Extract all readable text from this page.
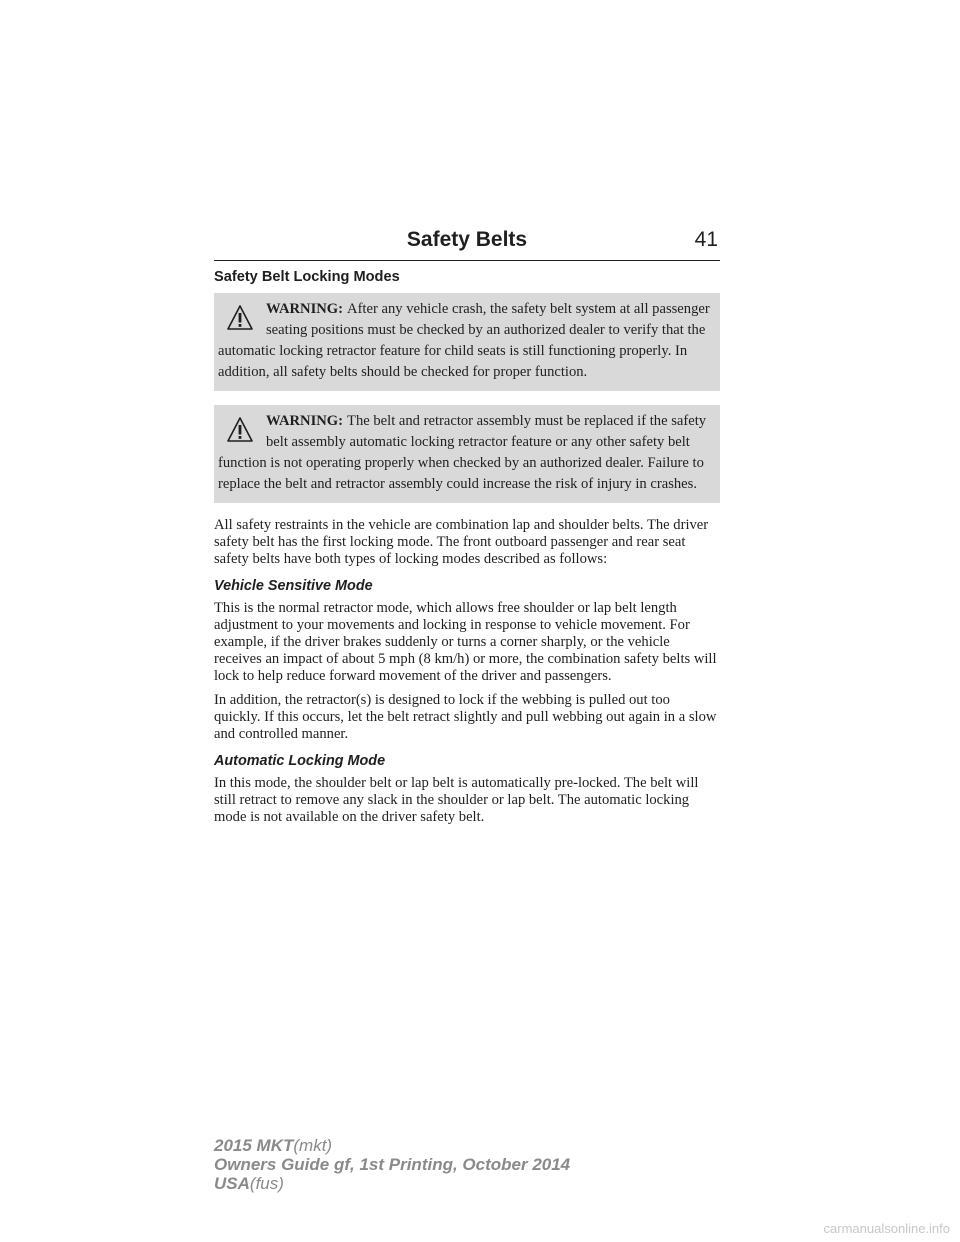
Safety Belts	41
Safety Belt Locking Modes
WARNING: After any vehicle crash, the safety belt system at all passenger seating positions must be checked by an authorized dealer to verify that the automatic locking retractor feature for child seats is still functioning properly. In addition, all safety belts should be checked for proper function.
WARNING: The belt and retractor assembly must be replaced if the safety belt assembly automatic locking retractor feature or any other safety belt function is not operating properly when checked by an authorized dealer. Failure to replace the belt and retractor assembly could increase the risk of injury in crashes.

All safety restraints in the vehicle are combination lap and shoulder belts. The driver safety belt has the first locking mode. The front outboard passenger and rear seat safety belts have both types of locking modes described as follows:

Vehicle Sensitive Mode

This is the normal retractor mode, which allows free shoulder or lap belt length adjustment to your movements and locking in response to vehicle movement. For example, if the driver brakes suddenly or turns a corner sharply, or the vehicle receives an impact of about 5 mph (8 km/h) or more, the combination safety belts will lock to help reduce forward movement of the driver and passengers.

In addition, the retractor(s) is designed to lock if the webbing is pulled out too quickly. If this occurs, let the belt retract slightly and pull webbing out again in a slow and controlled manner.

Automatic Locking Mode

In this mode, the shoulder belt or lap belt is automatically pre-locked. The belt will still retract to remove any slack in the shoulder or lap belt. The automatic locking mode is not available on the driver safety belt.

2015 MKT(mkt)
Owners Guide gf, 1st Printing, October 2014
USA(fus)
carmanualsonline.info
